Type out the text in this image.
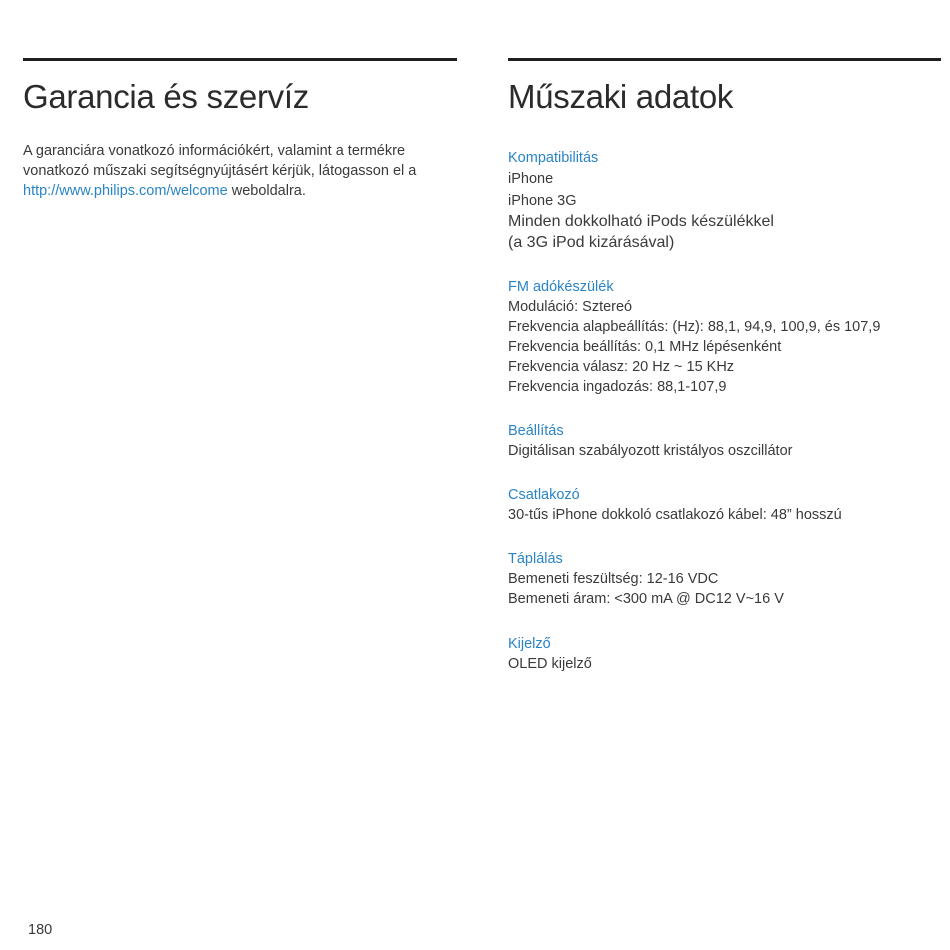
Garancia és szervíz

A garanciára vonatkozó információkért, valamint a termékre vonatkozó műszaki segítségnyújtásért kérjük, látogasson el a http://www.philips.com/welcome weboldalra.

Műszaki adatok

Kompatibilitás

iPhone

iPhone 3G

Minden dokkolható iPods készülékkel

(a 3G iPod kizárásával)

FM adókészülék

Moduláció: Sztereó

Frekvencia alapbeállítás: (Hz): 88,1, 94,9, 100,9, és 107,9

Frekvencia beállítás: 0,1 MHz lépésenként

Frekvencia válasz: 20 Hz ~ 15 KHz

Frekvencia ingadozás: 88,1-107,9

Beállítás

Digitálisan szabályozott kristályos oszcillátor

Csatlakozó

30-tűs iPhone dokkoló csatlakozó kábel: 48” hosszú

Táplálás

Bemeneti feszültség: 12-16 VDC

Bemeneti áram: <300 mA @ DC12 V~16 V

Kijelző

OLED kijelző

180
